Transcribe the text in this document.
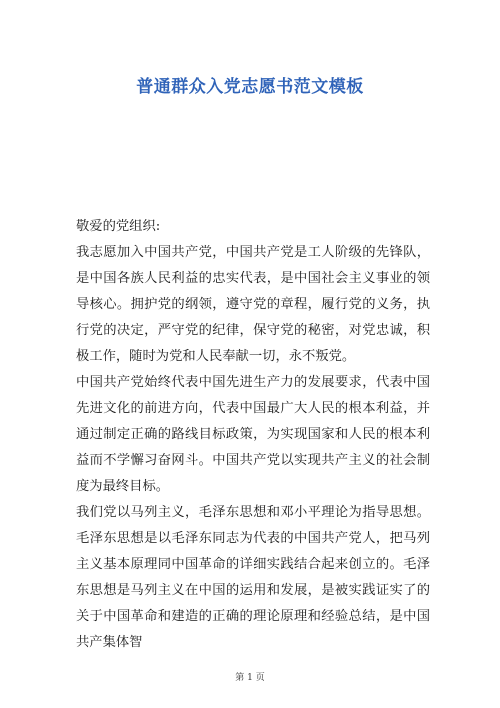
普通群众入党志愿书范文模板

敬爱的党组织:

我志愿加入中国共产党，中国共产党是工人阶级的先锋队，是中国各族人民利益的忠实代表，是中国社会主义事业的领导核心。拥护党的纲领，遵守党的章程，履行党的义务，执行党的决定，严守党的纪律，保守党的秘密，对党忠诚，积极工作，随时为党和人民奉献一切，永不叛党。

中国共产党始终代表中国先进生产力的发展要求，代表中国先进文化的前进方向，代表中国最广大人民的根本利益，并通过制定正确的路线目标政策，为实现国家和人民的根本利益而不学懈习奋网斗。中国共产党以实现共产主义的社会制度为最终目标。

我们党以马列主义，毛泽东思想和邓小平理论为指导思想。毛泽东思想是以毛泽东同志为代表的中国共产党人，把马列主义基本原理同中国革命的详细实践结合起来创立的。毛泽东思想是马列主义在中国的运用和发展，是被实践证实了的关于中国革命和建造的正确的理论原理和经验总结，是中国共产集体智

第 1 页
